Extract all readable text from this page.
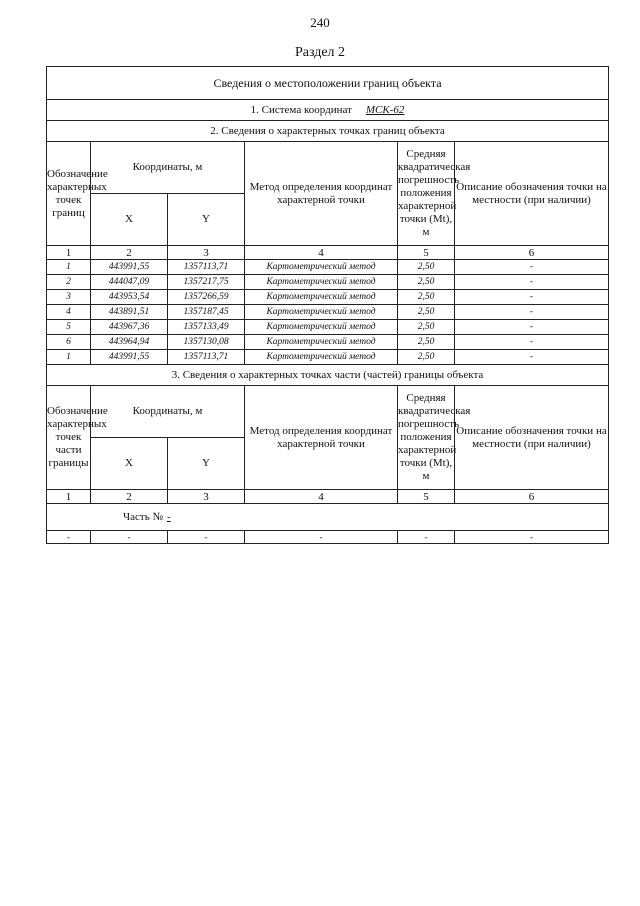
240
Раздел 2
Сведения о местоположении границ объекта					
1. Система координат МСК-62					
2. Сведения о характерных точках границ объекта					
Обозначение характерных точек границ	Координаты, м		Метод определения координат характерной точки	Средняя квадратическая погрешность положения характерной точки (Mt), м	Описание обозначения точки на местности (при наличии)
	X	Y			
1	2	3	4	5	6
1	443991,55	1357113,71	Картометрический метод	2,50	-
2	444047,09	1357217,75	Картометрический метод	2,50	-
3	443953,54	1357266,59	Картометрический метод	2,50	-
4	443891,51	1357187,45	Картометрический метод	2,50	-
5	443967,36	1357133,49	Картометрический метод	2,50	-
6	443964,94	1357130,08	Картометрический метод	2,50	-
1	443991,55	1357113,71	Картометрический метод	2,50	-
3. Сведения о характерных точках части (частей) границы объекта					
Обозначение характерных точек части границы	Координаты, м		Метод определения координат характерной точки	Средняя квадратическая погрешность положения характерной точки (Mt), м	Описание обозначения точки на местности (при наличии)
	X	Y			
1	2	3	4	5	6
Часть № -					
-	-	-	-	-	-
